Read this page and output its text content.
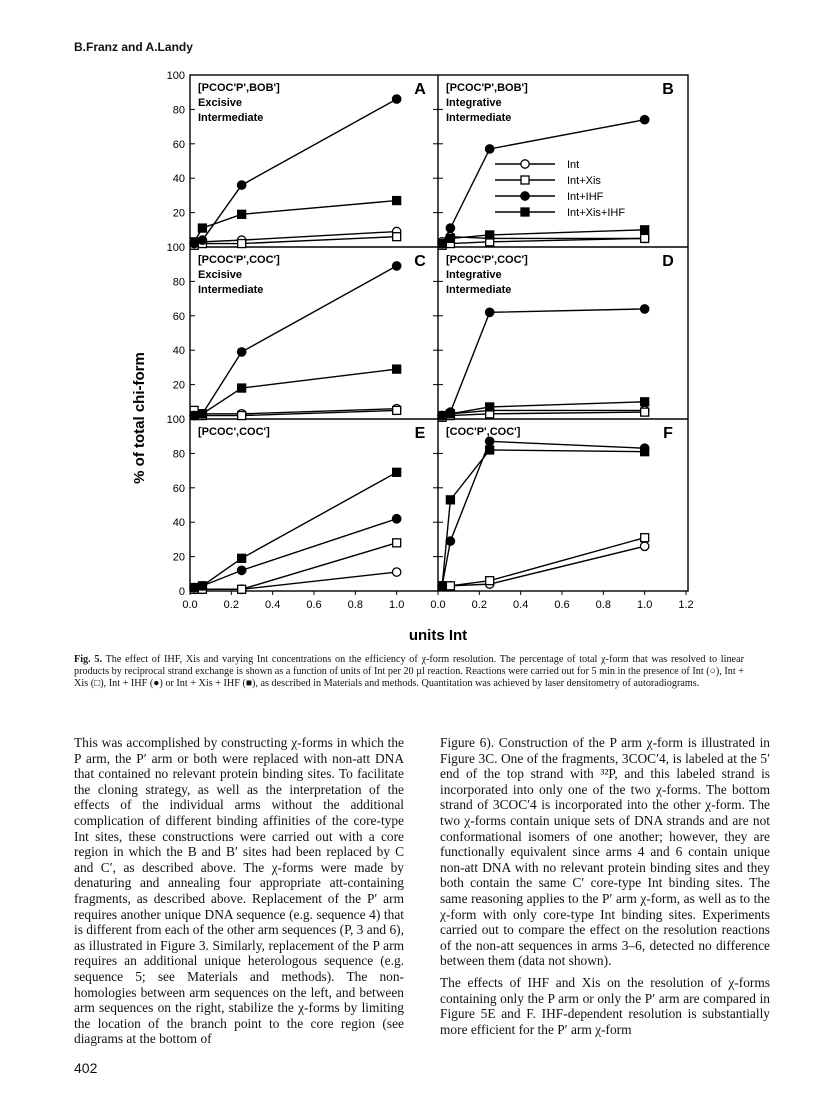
B.Franz and A.Landy
100
80
60
40
20
100
80
60
40
20
100
80
60
40
20
0
0.0 0.2 0.4 0.6 0.8 1.0 0.0 0.2 0.4 0.6 0.8 1.0 1.2
units Int
% of total chi-form
[PCOC'P',BOB']
Excisive
Intermediate
A [PCOC'P',BOB']
Integrative
Intermediate
B
[PCOC'P',COC']
Excisive
Intermediate
C [PCOC'P',COC']
Integrative
Intermediate
D
[PCOC',COC']	E [COC'P',COC']	F
Int
Int+Xis
Int+IHF
Int+Xis+IHF
Fig. 5. The effect of IHF, Xis and varying Int concentrations on the efficiency of χ-form resolution. The percentage of total χ-form that was resolved to linear products by reciprocal strand exchange is shown as a function of units of Int per 20 µl reaction. Reactions were carried out for 5 min in the presence of Int (○), Int + Xis (□), Int + IHF (●) or Int + Xis + IHF (■), as described in Materials and methods. Quantitation was achieved by laser densitometry of autoradiograms.

This was accomplished by constructing χ-forms in which the P arm, the P′ arm or both were replaced with non-att DNA that contained no relevant protein binding sites. To facilitate the cloning strategy, as well as the interpretation of the effects of the individual arms without the additional complication of different binding affinities of the core-type Int sites, these constructions were carried out with a core region in which the B and B′ sites had been replaced by C and C′, as described above. The χ-forms were made by denaturing and annealing four appropriate att-containing fragments, as described above. Replacement of the P′ arm requires another unique DNA sequence (e.g. sequence 4) that is different from each of the other arm sequences (P, 3 and 6), as illustrated in Figure 3. Similarly, replacement of the P arm requires an additional unique heterologous sequence (e.g. sequence 5; see Materials and methods). The non-homologies between arm sequences on the left, and between arm sequences on the right, stabilize the χ-forms by limiting the location of the branch point to the core region (see diagrams at the bottom of

Figure 6). Construction of the P arm χ-form is illustrated in Figure 3C. One of the fragments, 3COC′4, is labeled at the 5′ end of the top strand with ³²P, and this labeled strand is incorporated into only one of the two χ-forms. The bottom strand of 3COC′4 is incorporated into the other χ-form. The two χ-forms contain unique sets of DNA strands and are not conformational isomers of one another; however, they are functionally equivalent since arms 4 and 6 contain unique non-att DNA with no relevant protein binding sites and they both contain the same C′ core-type Int binding sites. The same reasoning applies to the P′ arm χ-form, as well as to the χ-form with only core-type Int binding sites. Experiments carried out to compare the effect on the resolution reactions of the non-att sequences in arms 3–6, detected no difference between them (data not shown).

The effects of IHF and Xis on the resolution of χ-forms containing only the P arm or only the P′ arm are compared in Figure 5E and F. IHF-dependent resolution is substantially more efficient for the P′ arm χ-form

402
